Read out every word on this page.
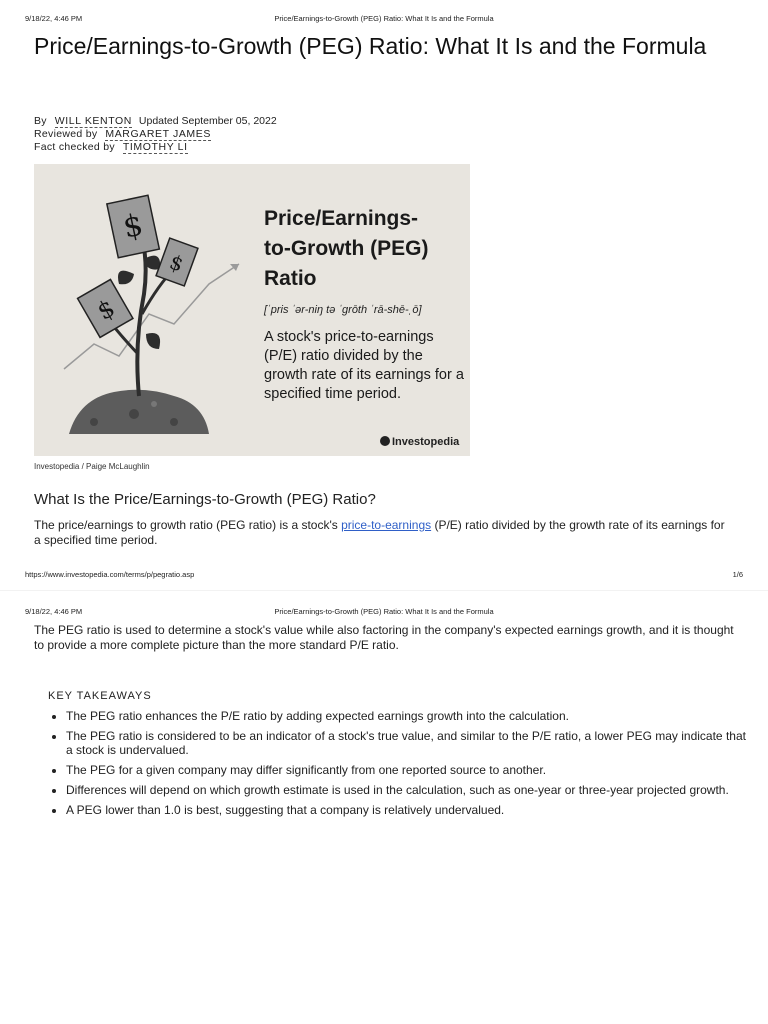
9/18/22, 4:46 PM	Price/Earnings-to-Growth (PEG) Ratio: What It Is and the Formula
Price/Earnings-to-Growth (PEG) Ratio: What It Is and the Formula
By WILL KENTON Updated September 05, 2022
Reviewed by MARGARET JAMES
Fact checked by TIMOTHY LI
$
$
$
Price/Earnings-
to-Growth (PEG)
Ratio
[ˈpris ˈər-niŋ tə ˈgrōth ˈrā-shē-ˌō]
A stock's price-to-earnings (P/E) ratio divided by the growth rate of its earnings for a specified time period.
Investopedia
Investopedia / Paige McLaughlin
What Is the Price/Earnings-to-Growth (PEG) Ratio?

The price/earnings to growth ratio (PEG ratio) is a stock's price-to-earnings (P/E) ratio divided by the growth rate of its earnings for a specified time period.

https://www.investopedia.com/terms/p/pegratio.asp	1/6
9/18/22, 4:46 PM	Price/Earnings-to-Growth (PEG) Ratio: What It Is and the Formula

The PEG ratio is used to determine a stock's value while also factoring in the company's expected earnings growth, and it is thought to provide a more complete picture than the more standard P/E ratio.

KEY TAKEAWAYS
• The PEG ratio enhances the P/E ratio by adding expected earnings growth into the calculation.
• The PEG ratio is considered to be an indicator of a stock's true value, and similar to the P/E ratio, a lower PEG may indicate that a stock is undervalued.
• The PEG for a given company may differ significantly from one reported source to another.
• Differences will depend on which growth estimate is used in the calculation, such as one-year or three-year projected growth.
• A PEG lower than 1.0 is best, suggesting that a company is relatively undervalued.
